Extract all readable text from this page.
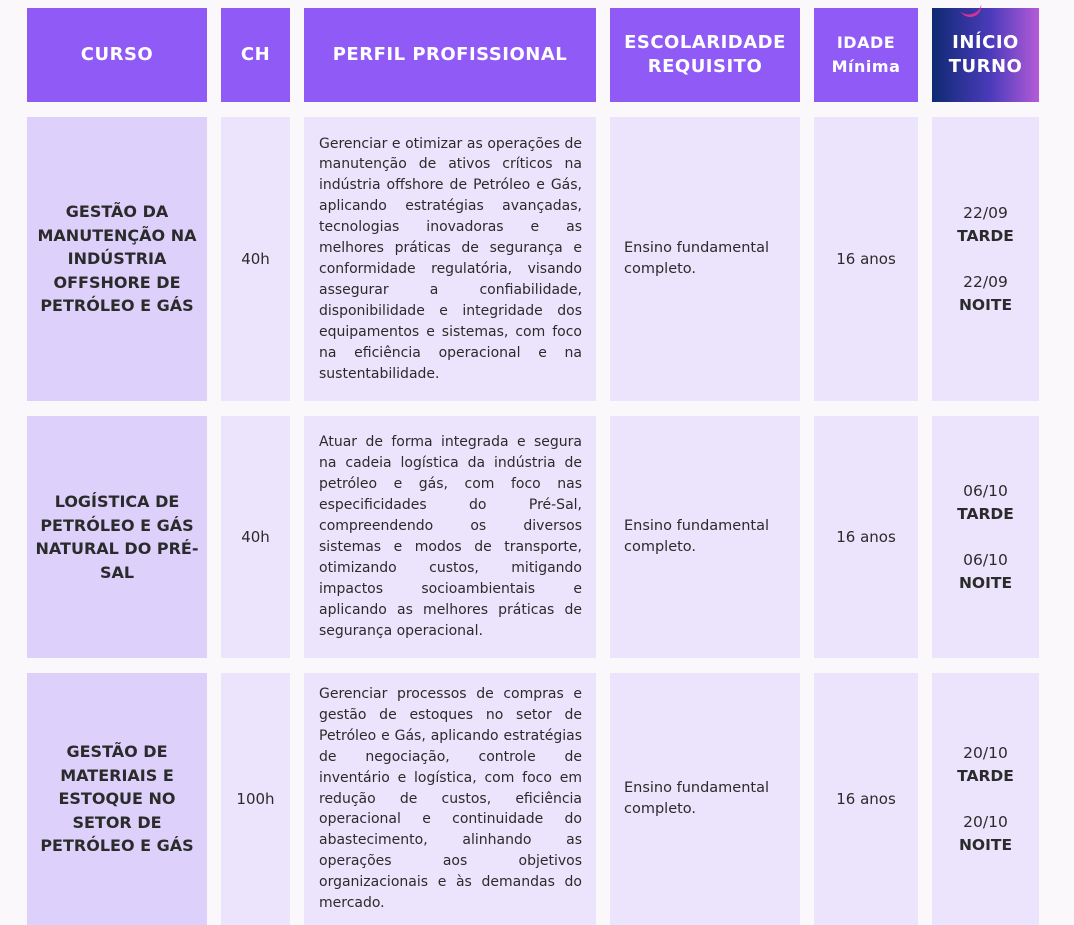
CURSO	CH	PERFIL PROFISSIONAL
ESCOLARIDADE
REQUISITO
IDADE
Mínima
INÍCIO
TURNO
GESTÃO DA MANUTENÇÃO NA INDÚSTRIA OFFSHORE DE PETRÓLEO E GÁS
40h
Gerenciar e otimizar as operações de manutenção de ativos críticos na indústria offshore de Petróleo e Gás, aplicando estratégias avançadas, tecnologias inovadoras e as melhores práticas de segurança e conformidade regulatória, visando assegurar a confiabilidade, disponibilidade e integridade dos equipamentos e sistemas, com foco na eficiência operacional e na sustentabilidade.
Ensino fundamental completo.
16 anos
22/09
TARDE
22/09
NOITE
LOGÍSTICA DE PETRÓLEO E GÁS NATURAL DO PRÉ-SAL
40h
Atuar de forma integrada e segura na cadeia logística da indústria de petróleo e gás, com foco nas especificidades do Pré-Sal, compreendendo os diversos sistemas e modos de transporte, otimizando custos, mitigando impactos socioambientais e aplicando as melhores práticas de segurança operacional.
Ensino fundamental completo.
16 anos
06/10
TARDE
06/10
NOITE
GESTÃO DE MATERIAIS E ESTOQUE NO SETOR DE PETRÓLEO E GÁS
100h
Gerenciar processos de compras e gestão de estoques no setor de Petróleo e Gás, aplicando estratégias de negociação, controle de inventário e logística, com foco em redução de custos, eficiência operacional e continuidade do abastecimento, alinhando as operações aos objetivos organizacionais e às demandas do mercado.
Ensino fundamental completo.
16 anos
20/10
TARDE
20/10
NOITE
